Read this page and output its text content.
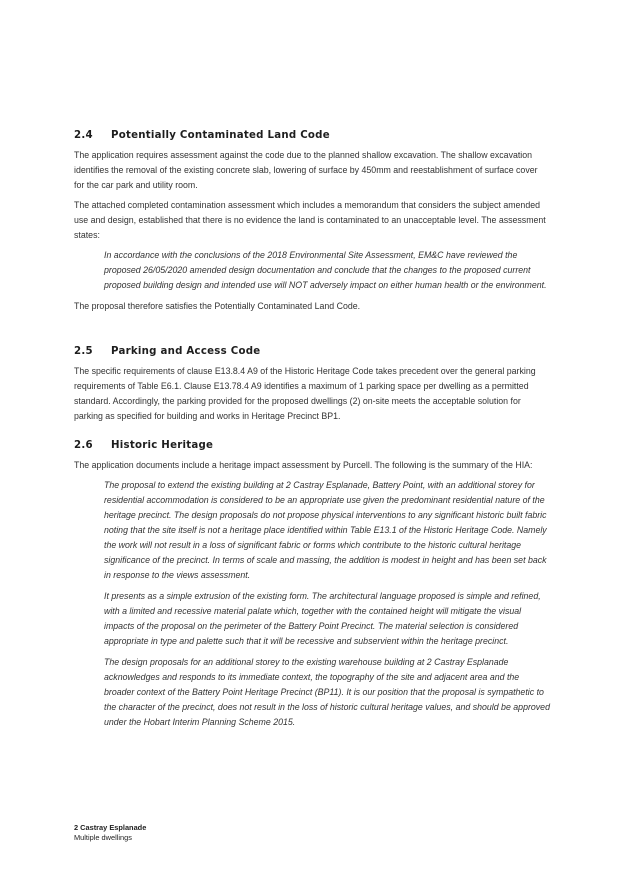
2.4 Potentially Contaminated Land Code

The application requires assessment against the code due to the planned shallow excavation. The shallow excavation identifies the removal of the existing concrete slab, lowering of surface by 450mm and reestablishment of surface cover for the car park and utility room.

The attached completed contamination assessment which includes a memorandum that considers the subject amended use and design, established that there is no evidence the land is contaminated to an unacceptable level. The assessment states:

In accordance with the conclusions of the 2018 Environmental Site Assessment, EM&C have reviewed the proposed 26/05/2020 amended design documentation and conclude that the changes to the proposed current proposed building design and intended use will NOT adversely impact on either human health or the environment.

The proposal therefore satisfies the Potentially Contaminated Land Code.

2.5 Parking and Access Code

The specific requirements of clause E13.8.4 A9 of the Historic Heritage Code takes precedent over the general parking requirements of Table E6.1. Clause E13.78.4 A9 identifies a maximum of 1 parking space per dwelling as a permitted standard. Accordingly, the parking provided for the proposed dwellings (2) on-site meets the acceptable solution for parking as specified for building and works in Heritage Precinct BP1.

2.6 Historic Heritage

The application documents include a heritage impact assessment by Purcell. The following is the summary of the HIA:

The proposal to extend the existing building at 2 Castray Esplanade, Battery Point, with an additional storey for residential accommodation is considered to be an appropriate use given the predominant residential nature of the heritage precinct. The design proposals do not propose physical interventions to any significant historic built fabric noting that the site itself is not a heritage place identified within Table E13.1 of the Historic Heritage Code. Namely the work will not result in a loss of significant fabric or forms which contribute to the historic cultural heritage significance of the precinct. In terms of scale and massing, the addition is modest in height and has been set back in response to the views assessment.

It presents as a simple extrusion of the existing form. The architectural language proposed is simple and refined, with a limited and recessive material palate which, together with the contained height will mitigate the visual impacts of the proposal on the perimeter of the Battery Point Precinct. The material selection is considered appropriate in type and palette such that it will be recessive and subservient within the heritage precinct.

The design proposals for an additional storey to the existing warehouse building at 2 Castray Esplanade acknowledges and responds to its immediate context, the topography of the site and adjacent area and the broader context of the Battery Point Heritage Precinct (BP11). It is our position that the proposal is sympathetic to the character of the precinct, does not result in the loss of historic cultural heritage values, and should be approved under the Hobart Interim Planning Scheme 2015.

2 Castray Esplanade
Multiple dwellings
